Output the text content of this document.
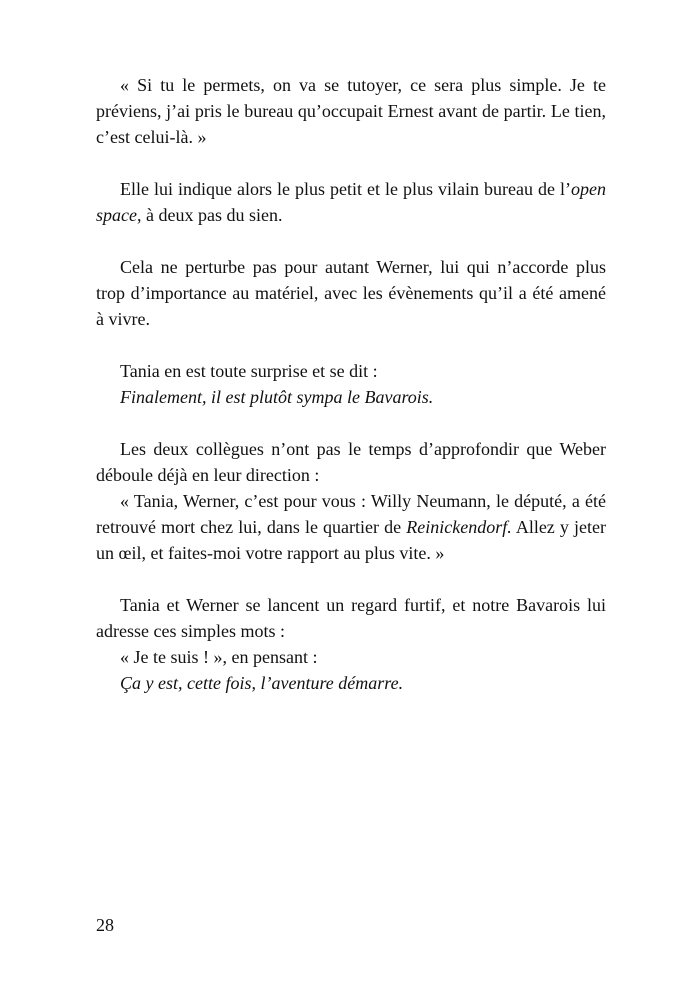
« Si tu le permets, on va se tutoyer, ce sera plus simple. Je te

préviens, j’ai pris le bureau qu’occupait Ernest avant de partir. Le tien,

c’est celui-là. »

Elle lui indique alors le plus petit et le plus vilain bureau de l’open

space, à deux pas du sien.

Cela ne perturbe pas pour autant Werner, lui qui n’accorde plus

trop d’importance au matériel, avec les évènements qu’il a été amené

à vivre.

Tania en est toute surprise et se dit :

Finalement, il est plutôt sympa le Bavarois.

Les deux collègues n’ont pas le temps d’approfondir que Weber

déboule déjà en leur direction :

« Tania, Werner, c’est pour vous : Willy Neumann, le député, a été

retrouvé mort chez lui, dans le quartier de Reinickendorf. Allez y jeter

un œil, et faites-moi votre rapport au plus vite. »

Tania et Werner se lancent un regard furtif, et notre Bavarois lui

adresse ces simples mots :

« Je te suis ! », en pensant :

Ça y est, cette fois, l’aventure démarre.

28
